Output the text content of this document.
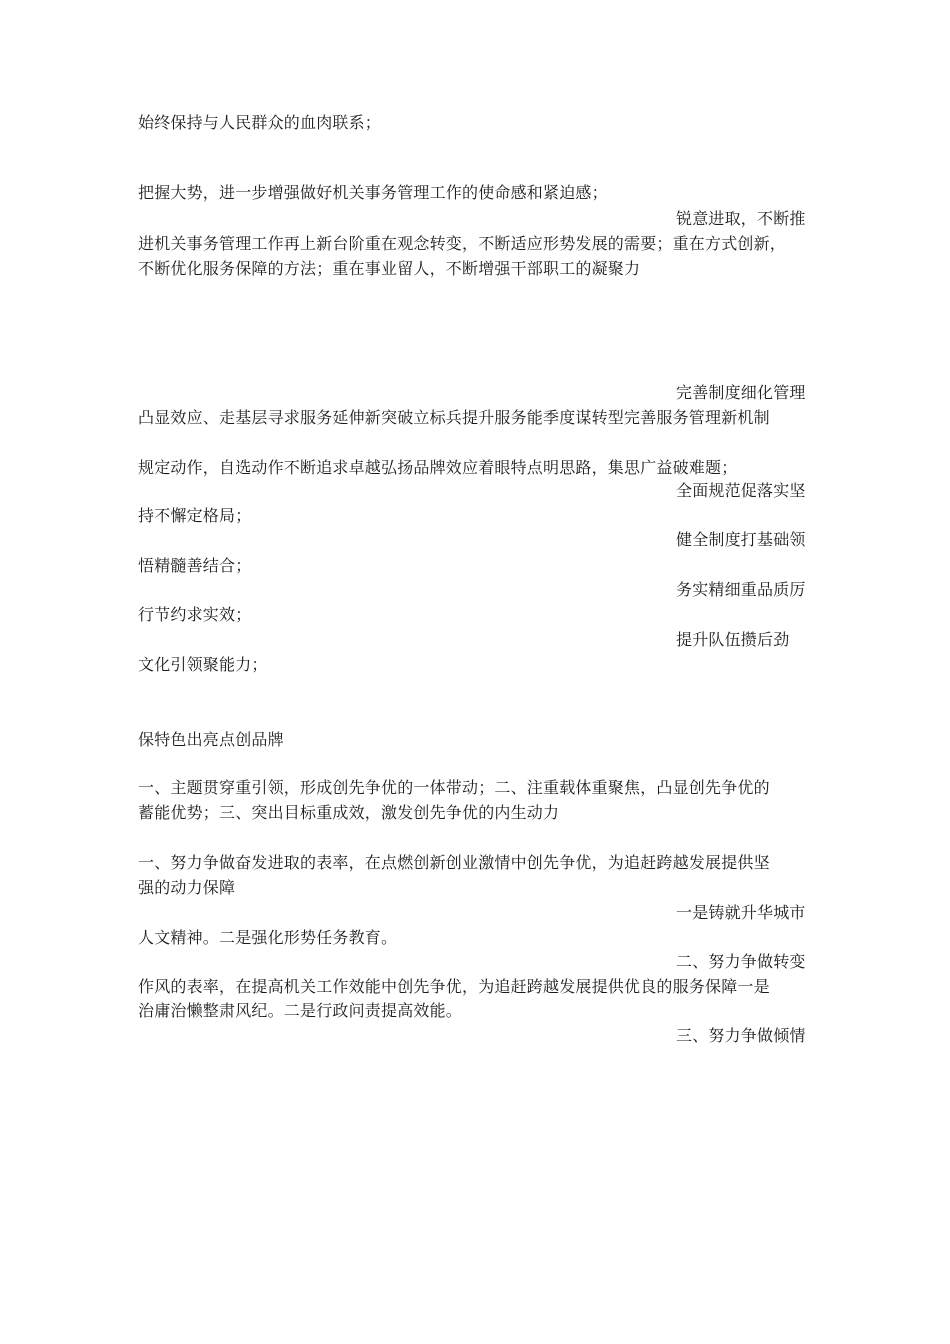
始终保持与人民群众的血肉联系；
把握大势，进一步增强做好机关事务管理工作的使命感和紧迫感；
锐意进取，不断推
进机关事务管理工作再上新台阶重在观念转变，不断适应形势发展的需要；重在方式创新，
不断优化服务保障的方法；重在事业留人，不断增强干部职工的凝聚力
完善制度细化管理
凸显效应、走基层寻求服务延伸新突破立标兵提升服务能季度谋转型完善服务管理新机制
规定动作，自选动作不断追求卓越弘扬品牌效应着眼特点明思路，集思广益破难题；
全面规范促落实坚
持不懈定格局；
健全制度打基础领
悟精髓善结合；
务实精细重品质厉
行节约求实效；
提升队伍攒后劲
文化引领聚能力；
保特色出亮点创品牌
一、主题贯穿重引领，形成创先争优的一体带动；二、注重载体重聚焦，凸显创先争优的
蓄能优势；三、突出目标重成效，激发创先争优的内生动力
一、努力争做奋发进取的表率，在点燃创新创业激情中创先争优，为追赶跨越发展提供坚
强的动力保障
一是铸就升华城市
人文精神。二是强化形势任务教育。
二、努力争做转变
作风的表率，在提高机关工作效能中创先争优，为追赶跨越发展提供优良的服务保障一是
治庸治懒整肃风纪。二是行政问责提高效能。
三、努力争做倾情
